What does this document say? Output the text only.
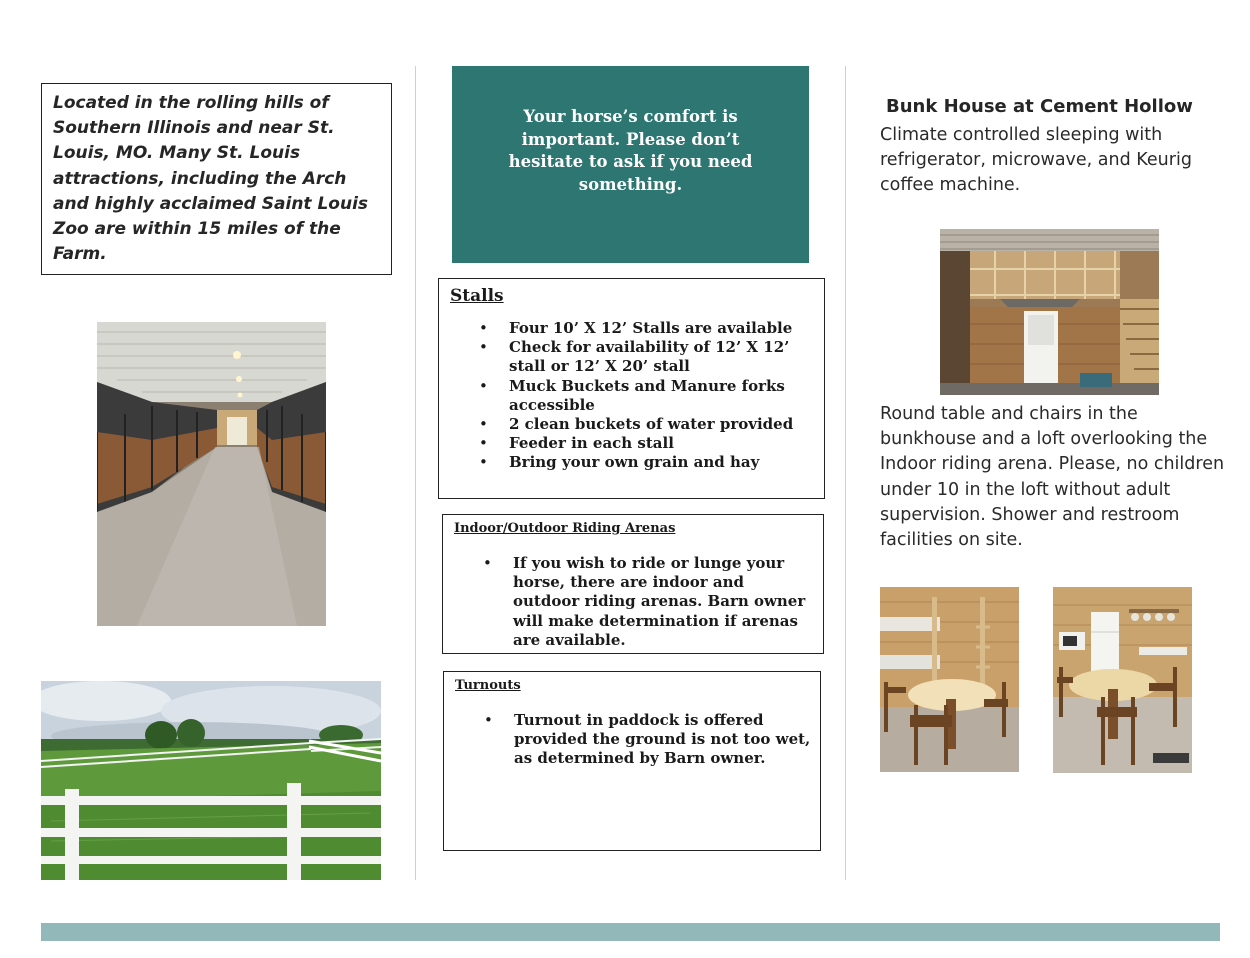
Located in the rolling hills of Southern Illinois and near St. Louis, MO. Many St. Louis attractions, including the Arch and highly acclaimed Saint Louis Zoo are within 15 miles of the Farm.
Your horse’s comfort is important. Please don’t hesitate to ask if you need something.
Stalls
• Four 10’ X 12’ Stalls are available
• Check for availability of 12’ X 12’ stall or 12’ X 20’ stall
• Muck Buckets and Manure forks accessible
• 2 clean buckets of water provided
• Feeder in each stall
• Bring your own grain and hay
Indoor/Outdoor Riding Arenas
• If you wish to ride or lunge your horse, there are indoor and outdoor riding arenas. Barn owner will make determination if arenas are available.
Turnouts
• Turnout in paddock is offered provided the ground is not too wet, as determined by Barn owner.
Bunk House at Cement Hollow
Climate controlled sleeping with refrigerator, microwave, and Keurig coffee machine.
Round table and chairs in the bunkhouse and a loft overlooking the Indoor riding arena. Please, no children under 10 in the loft without adult supervision. Shower and restroom facilities on site.
